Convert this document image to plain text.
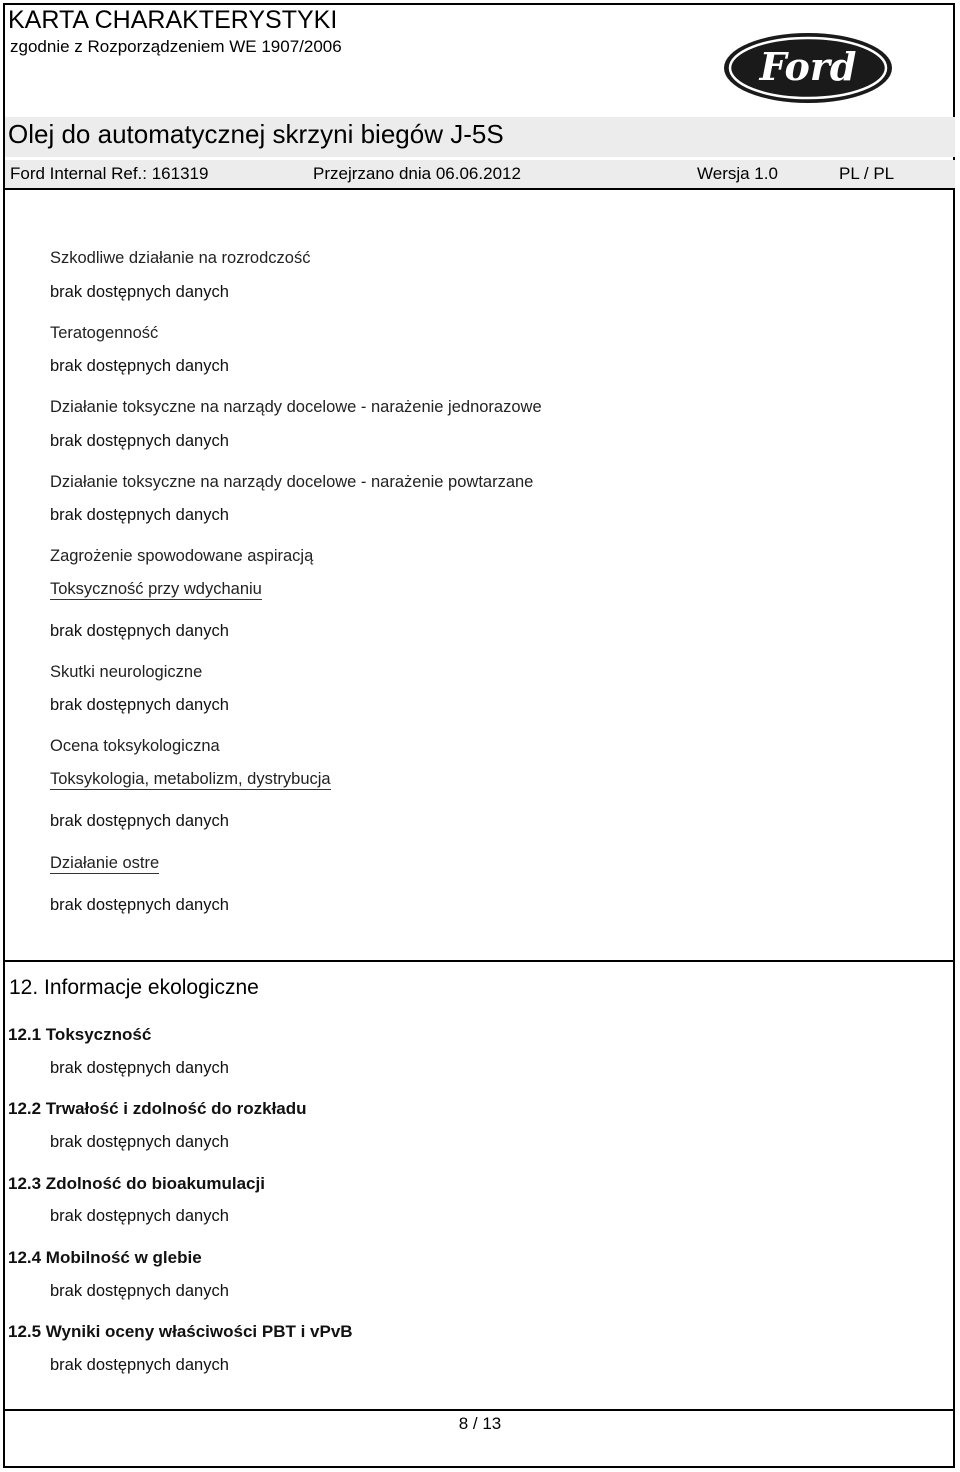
KARTA CHARAKTERYSTYKI
zgodnie z Rozporządzeniem WE 1907/2006	Ford
Olej do automatycznej skrzyni biegów J-5S
Ford Internal Ref.: 161319	Przejrzano dnia 06.06.2012	Wersja 1.0	PL / PL
Szkodliwe działanie na rozrodczość
brak dostępnych danych
Teratogenność
brak dostępnych danych
Działanie toksyczne na narządy docelowe - narażenie jednorazowe
brak dostępnych danych
Działanie toksyczne na narządy docelowe - narażenie powtarzane
brak dostępnych danych
Zagrożenie spowodowane aspiracją
Toksyczność przy wdychaniu
brak dostępnych danych
Skutki neurologiczne
brak dostępnych danych
Ocena toksykologiczna
Toksykologia, metabolizm, dystrybucja
brak dostępnych danych
Działanie ostre
brak dostępnych danych
12. Informacje ekologiczne
12.1 Toksyczność
brak dostępnych danych
12.2 Trwałość i zdolność do rozkładu
brak dostępnych danych
12.3 Zdolność do bioakumulacji
brak dostępnych danych
12.4 Mobilność w glebie
brak dostępnych danych
12.5 Wyniki oceny właściwości PBT i vPvB
brak dostępnych danych
8 / 13
